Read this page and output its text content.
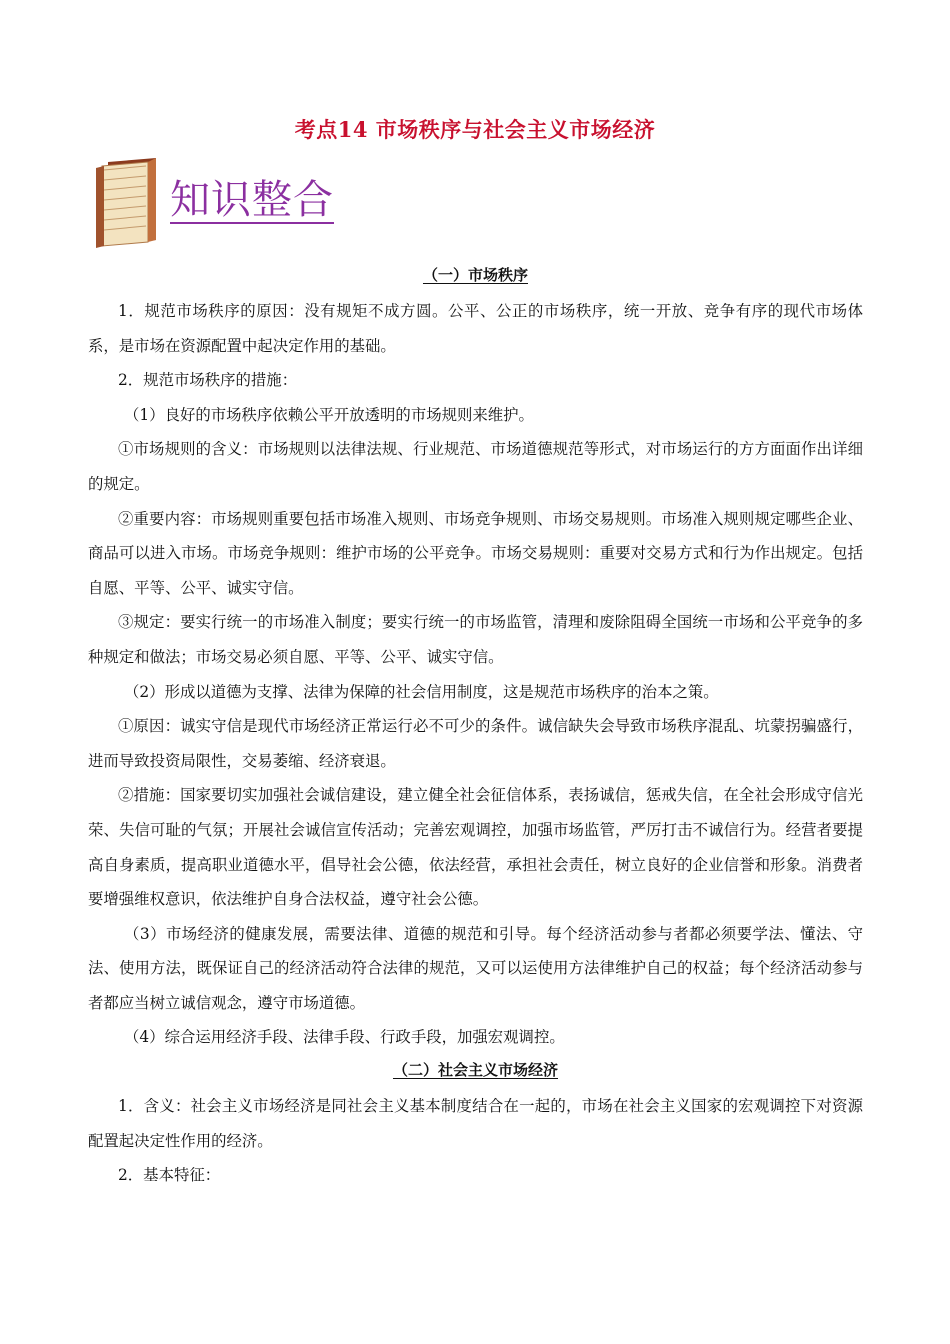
考点14 市场秩序与社会主义市场经济
知识整合
（一）市场秩序

1．规范市场秩序的原因：没有规矩不成方圆。公平、公正的市场秩序，统一开放、竞争有序的现代市场体系，是市场在资源配置中起决定作用的基础。

2．规范市场秩序的措施：

（1）良好的市场秩序依赖公平开放透明的市场规则来维护。

①市场规则的含义：市场规则以法律法规、行业规范、市场道德规范等形式，对市场运行的方方面面作出详细的规定。

②重要内容：市场规则重要包括市场准入规则、市场竞争规则、市场交易规则。市场准入规则规定哪些企业、商品可以进入市场。市场竞争规则：维护市场的公平竞争。市场交易规则：重要对交易方式和行为作出规定。包括自愿、平等、公平、诚实守信。

③规定：要实行统一的市场准入制度；要实行统一的市场监管，清理和废除阻碍全国统一市场和公平竞争的多种规定和做法；市场交易必须自愿、平等、公平、诚实守信。

（2）形成以道德为支撑、法律为保障的社会信用制度，这是规范市场秩序的治本之策。

①原因：诚实守信是现代市场经济正常运行必不可少的条件。诚信缺失会导致市场秩序混乱、坑蒙拐骗盛行，进而导致投资局限性，交易萎缩、经济衰退。

②措施：国家要切实加强社会诚信建设，建立健全社会征信体系，表扬诚信，惩戒失信，在全社会形成守信光荣、失信可耻的气氛；开展社会诚信宣传活动；完善宏观调控，加强市场监管，严厉打击不诚信行为。经营者要提高自身素质，提高职业道德水平，倡导社会公德，依法经营，承担社会责任，树立良好的企业信誉和形象。消费者要增强维权意识，依法维护自身合法权益，遵守社会公德。

（3）市场经济的健康发展，需要法律、道德的规范和引导。每个经济活动参与者都必须要学法、懂法、守法、使用方法，既保证自己的经济活动符合法律的规范，又可以运使用方法律维护自己的权益；每个经济活动参与者都应当树立诚信观念，遵守市场道德。

（4）综合运用经济手段、法律手段、行政手段，加强宏观调控。

（二）社会主义市场经济

1．含义：社会主义市场经济是同社会主义基本制度结合在一起的，市场在社会主义国家的宏观调控下对资源配置起决定性作用的经济。

2．基本特征：
